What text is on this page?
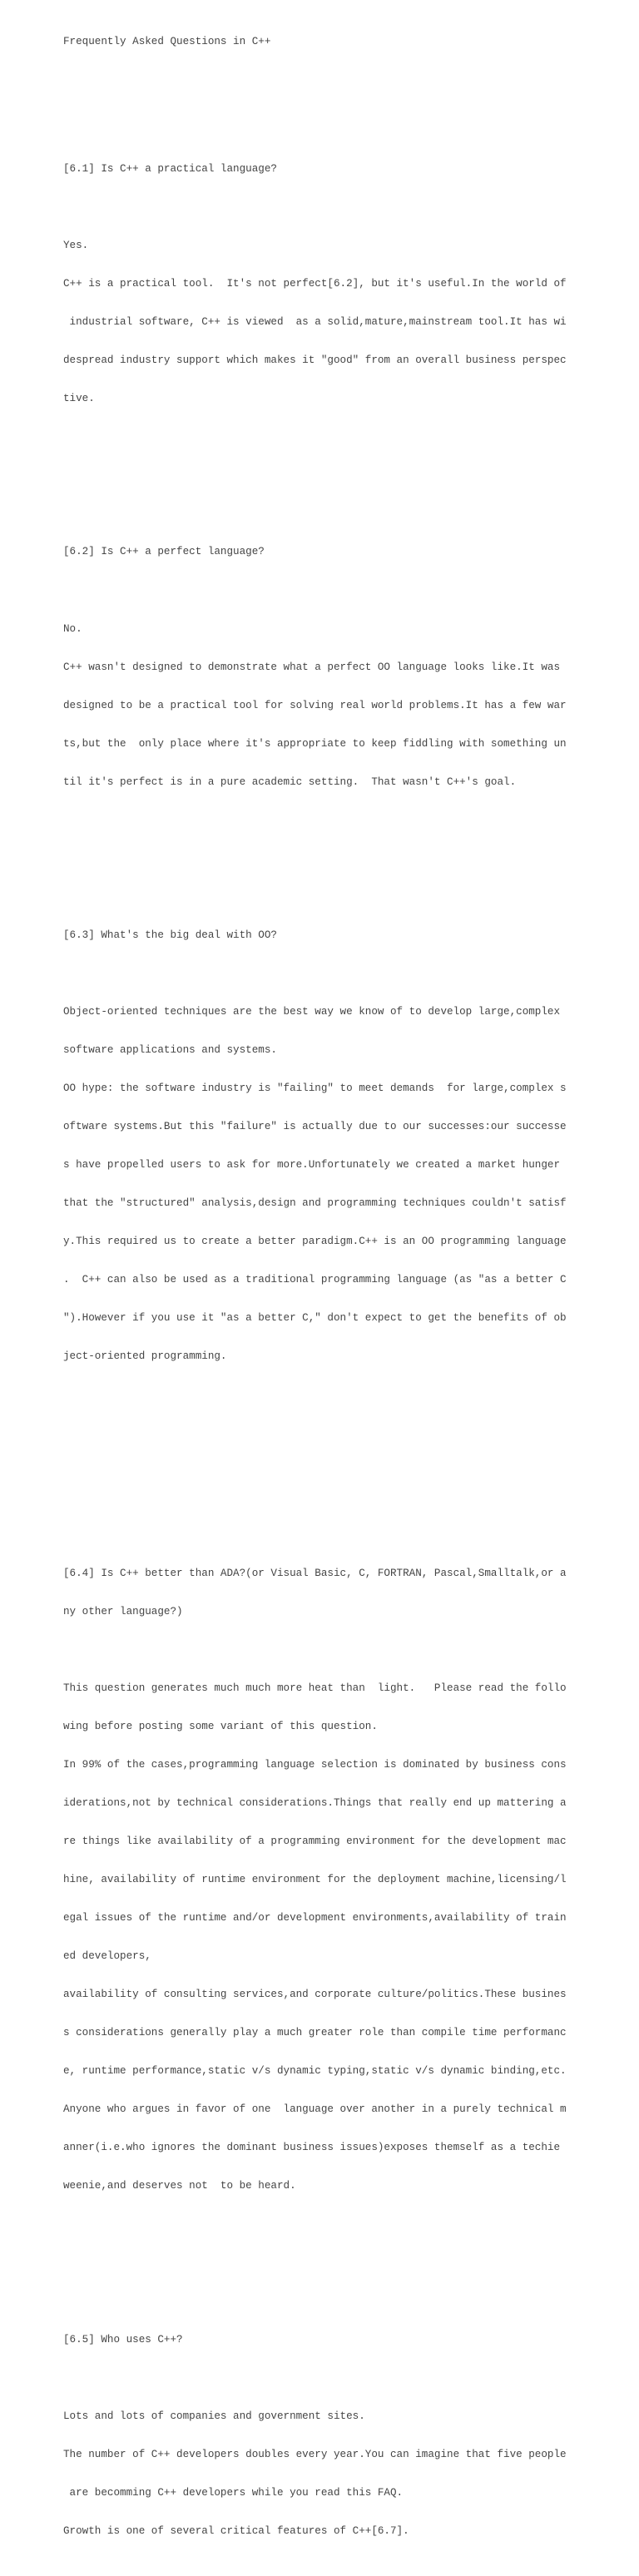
Frequently Asked Questions in C++

[6.1] Is C++ a practical language?

Yes.

C++ is a practical tool.  It's not perfect[6.2], but it's useful.In the world of

industrial software, C++ is viewed  as a solid,mature,mainstream tool.It has wi

despread industry support which makes it "good" from an overall business perspec

tive.

[6.2] Is C++ a perfect language?

No.

C++ wasn't designed to demonstrate what a perfect OO language looks like.It was

designed to be a practical tool for solving real world problems.It has a few war

ts,but the  only place where it's appropriate to keep fiddling with something un

til it's perfect is in a pure academic setting.  That wasn't C++'s goal.

[6.3] What's the big deal with OO?

Object-oriented techniques are the best way we know of to develop large,complex

software applications and systems.

OO hype: the software industry is "failing" to meet demands  for large,complex s

oftware systems.But this "failure" is actually due to our successes:our successe

s have propelled users to ask for more.Unfortunately we created a market hunger

that the "structured" analysis,design and programming techniques couldn't satisf

y.This required us to create a better paradigm.C++ is an OO programming language

.  C++ can also be used as a traditional programming language (as "as a better C

").However if you use it "as a better C," don't expect to get the benefits of ob

ject-oriented programming.

[6.4] Is C++ better than ADA?(or Visual Basic, C, FORTRAN, Pascal,Smalltalk,or a

ny other language?)

This question generates much much more heat than  light.   Please read the follo

wing before posting some variant of this question.

In 99% of the cases,programming language selection is dominated by business cons

iderations,not by technical considerations.Things that really end up mattering a

re things like availability of a programming environment for the development mac

hine, availability of runtime environment for the deployment machine,licensing/l

egal issues of the runtime and/or development environments,availability of train

ed developers,

availability of consulting services,and corporate culture/politics.These busines

s considerations generally play a much greater role than compile time performanc

e, runtime performance,static v/s dynamic typing,static v/s dynamic binding,etc.

Anyone who argues in favor of one  language over another in a purely technical m

anner(i.e.who ignores the dominant business issues)exposes themself as a techie

weenie,and deserves not  to be heard.

[6.5] Who uses C++?

Lots and lots of companies and government sites.

The number of C++ developers doubles every year.You can imagine that five people

are becomming C++ developers while you read this FAQ.

Growth is one of several critical features of C++[6.7].
